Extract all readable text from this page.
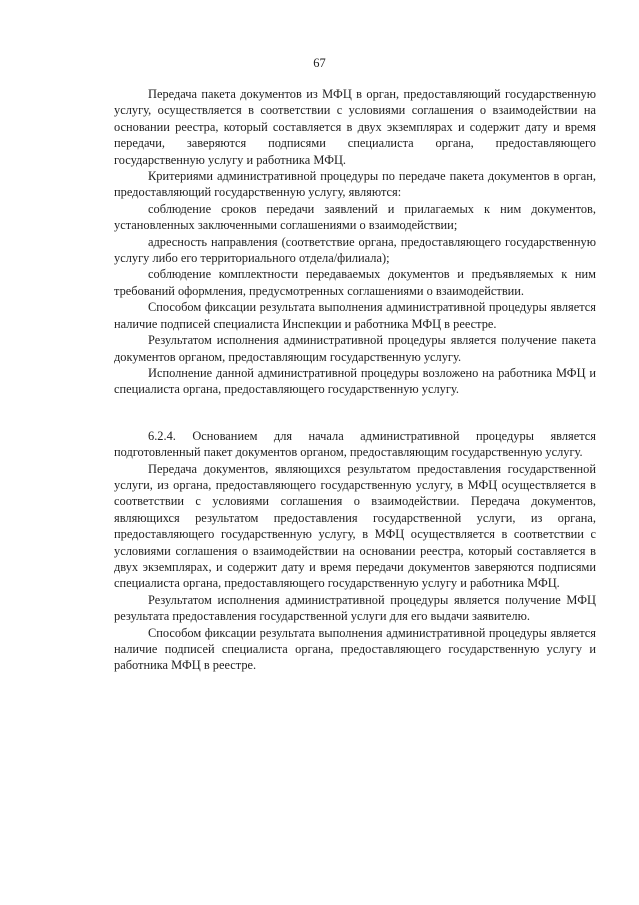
67

Передача пакета документов из МФЦ в орган, предоставляющий государственную услугу, осуществляется в соответствии с условиями соглашения о взаимодействии на основании реестра, который составляется в двух экземплярах и содержит дату и время передачи, заверяются подписями специалиста органа, предоставляющего государственную услугу и работника МФЦ.

Критериями административной процедуры по передаче пакета документов в орган, предоставляющий государственную услугу, являются:

соблюдение сроков передачи заявлений и прилагаемых к ним документов, установленных заключенными соглашениями о взаимодействии;

адресность направления (соответствие органа, предоставляющего государственную услугу либо его территориального отдела/филиала);

соблюдение комплектности передаваемых документов и предъявляемых к ним требований оформления, предусмотренных соглашениями о взаимодействии.

Способом фиксации результата выполнения административной процедуры является наличие подписей специалиста Инспекции и работника МФЦ в реестре.

Результатом исполнения административной процедуры является получение пакета документов органом, предоставляющим государственную услугу.

Исполнение данной административной процедуры возложено на работника МФЦ и специалиста органа, предоставляющего государственную услугу.

6.2.4. Основанием для начала административной процедуры является подготовленный пакет документов органом, предоставляющим государственную услугу.

Передача документов, являющихся результатом предоставления государственной услуги, из органа, предоставляющего государственную услугу, в МФЦ осуществляется в соответствии с условиями соглашения о взаимодействии. Передача документов, являющихся результатом предоставления государственной услуги, из органа, предоставляющего государственную услугу, в МФЦ осуществляется в соответствии с условиями соглашения о взаимодействии на основании реестра, который составляется в двух экземплярах, и содержит дату и время передачи документов заверяются подписями специалиста органа, предоставляющего государственную услугу и работника МФЦ.

Результатом исполнения административной процедуры является получение МФЦ результата предоставления государственной услуги для его выдачи заявителю.

Способом фиксации результата выполнения административной процедуры является наличие подписей специалиста органа, предоставляющего государственную услугу и работника МФЦ в реестре.
